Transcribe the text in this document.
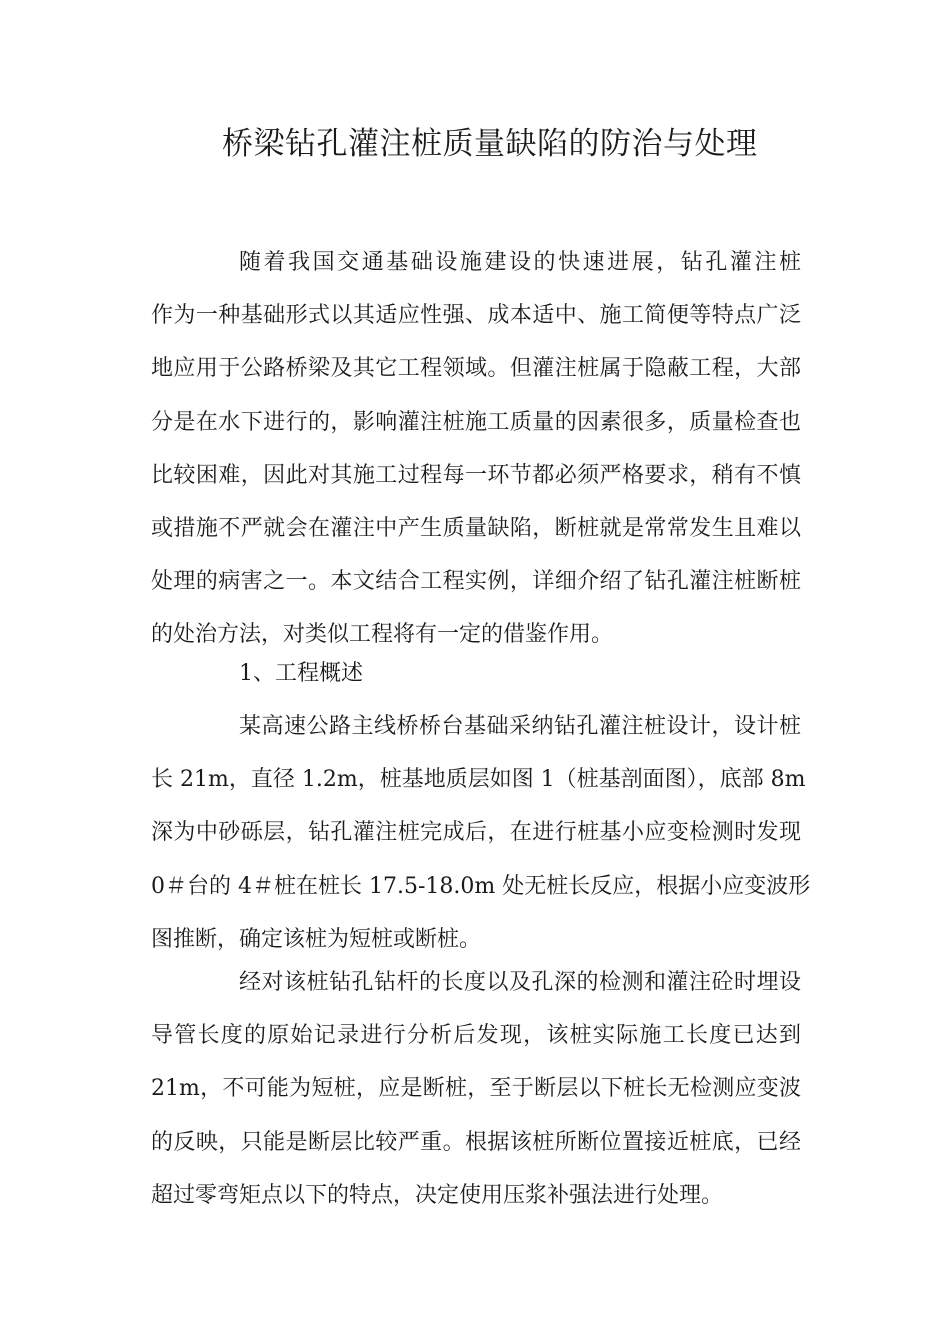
桥梁钻孔灌注桩质量缺陷的防治与处理
随着我国交通基础设施建设的快速进展，钻孔灌注桩
作为一种基础形式以其适应性强、成本适中、施工简便等特点广泛
地应用于公路桥梁及其它工程领域。但灌注桩属于隐蔽工程，大部
分是在水下进行的，影响灌注桩施工质量的因素很多，质量检查也
比较困难，因此对其施工过程每一环节都必须严格要求，稍有不慎
或措施不严就会在灌注中产生质量缺陷，断桩就是常常发生且难以
处理的病害之一。本文结合工程实例，详细介绍了钻孔灌注桩断桩
的处治方法，对类似工程将有一定的借鉴作用。
1、工程概述
某高速公路主线桥桥台基础采纳钻孔灌注桩设计，设计桩
长 21m，直径 1.2m，桩基地质层如图 1（桩基剖面图），底部 8m
深为中砂砾层，钻孔灌注桩完成后，在进行桩基小应变检测时发现
0＃台的 4＃桩在桩长 17.5-18.0m 处无桩长反应，根据小应变波形
图推断，确定该桩为短桩或断桩。
经对该桩钻孔钻杆的长度以及孔深的检测和灌注砼时埋设
导管长度的原始记录进行分析后发现，该桩实际施工长度已达到
21m，不可能为短桩，应是断桩，至于断层以下桩长无检测应变波
的反映，只能是断层比较严重。根据该桩所断位置接近桩底，已经
超过零弯矩点以下的特点，决定使用压浆补强法进行处理。
